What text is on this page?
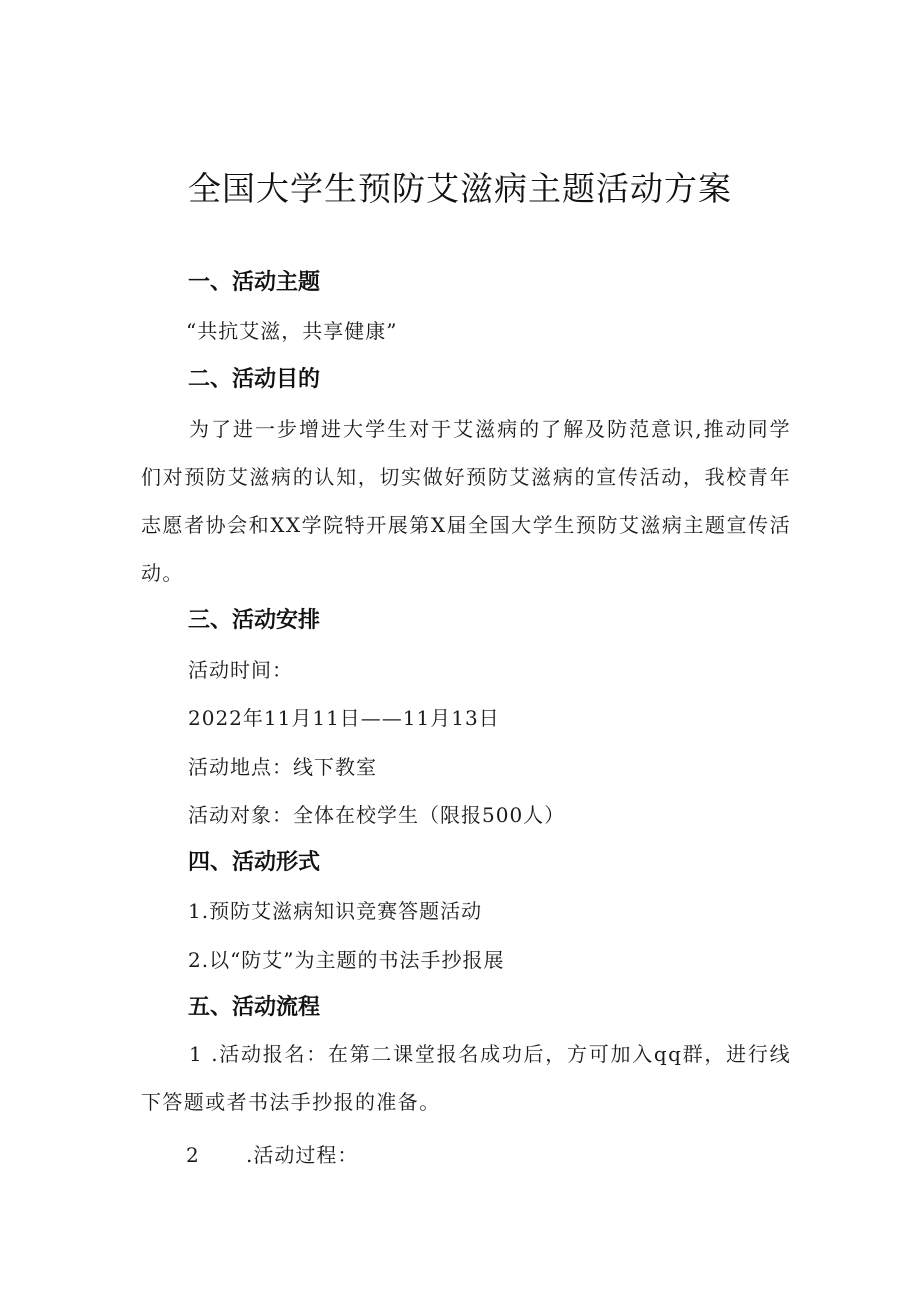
全国大学生预防艾滋病主题活动方案
一、活动主题
“共抗艾滋，共享健康”
二、活动目的
为了进一步增进大学生对于艾滋病的了解及防范意识,推动同学们对预防艾滋病的认知，切实做好预防艾滋病的宣传活动，我校青年志愿者协会和XX学院特开展第X届全国大学生预防艾滋病主题宣传活动。
三、活动安排
活动时间：
2022年11月11日——11月13日
活动地点：线下教室
活动对象：全体在校学生（限报500人）
四、活动形式
1.预防艾滋病知识竞赛答题活动
2.以“防艾”为主题的书法手抄报展
五、活动流程
1 .活动报名：在第二课堂报名成功后，方可加入qq群，进行线下答题或者书法手抄报的准备。
2 .活动过程：
